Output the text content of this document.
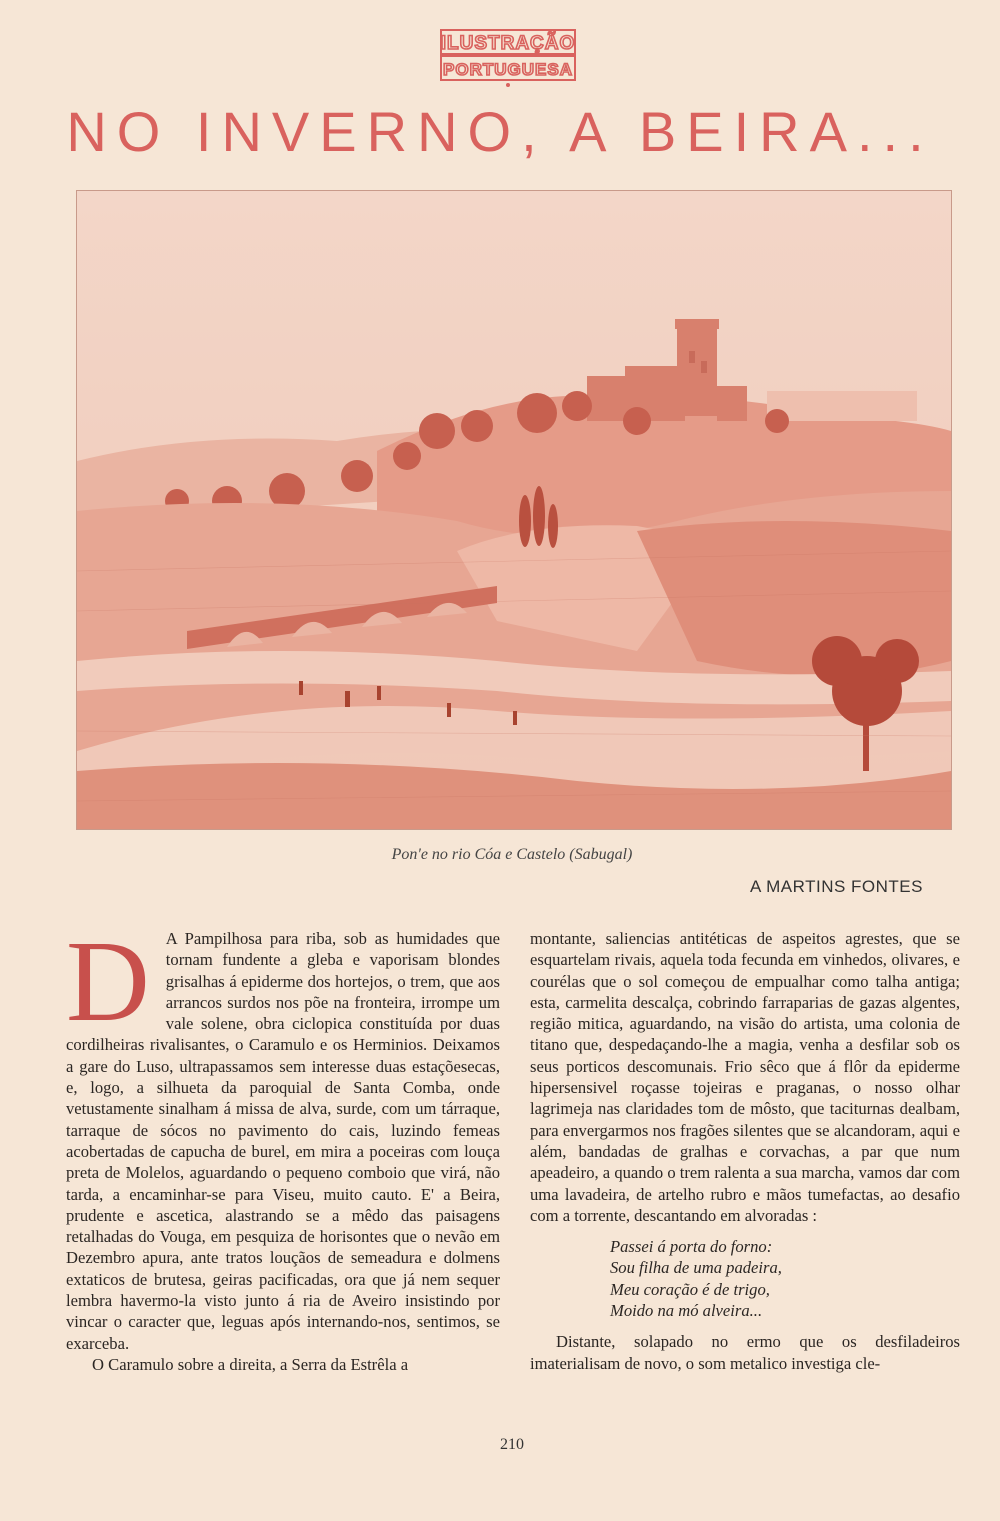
ILUSTRAÇÃO
PORTUGUESA
NO INVERNO, A BEIRA...
Pon'e no rio Cóa e Castelo (Sabugal)
A MARTINS FONTES
D A Pampilhosa para riba, sob as humidades que tornam fundente a gleba e vaporisam blondes grisalhas á epiderme dos hortejos, o trem, que aos arrancos surdos nos põe na fronteira, irrompe um vale solene, obra ciclopica constituída por duas cordilheiras rivalisantes, o Caramulo e os Herminios. Deixamos a gare do Luso, ultrapassamos sem interesse duas estaçõesecas, e, logo, a silhueta da paroquial de Santa Comba, onde vetustamente sinalham á missa de alva, surde, com um tárraque, tarraque de sócos no pavimento do cais, luzindo femeas acobertadas de capucha de burel, em mira a poceiras com louça preta de Molelos, aguardando o pequeno comboio que virá, não tarda, a encaminhar-se para Viseu, muito cauto. E' a Beira, prudente e ascetica, alastrando se a mêdo das paisagens retalhadas do Vouga, em pesquiza de horisontes que o nevão em Dezembro apura, ante tratos louçãos de semeadura e dolmens extaticos de brutesa, geiras pacificadas, ora que já nem sequer lembra havermo-la visto junto á ria de Aveiro insistindo por vincar o caracter que, leguas após internando-nos, sentimos, se exarceba.

O Caramulo sobre a direita, a Serra da Estrêla a

montante, saliencias antitéticas de aspeitos agrestes, que se esquartelam rivais, aquela toda fecunda em vinhedos, olivares, e courélas que o sol começou de empualhar como talha antiga; esta, carmelita descalça, cobrindo farraparias de gazas algentes, região mitica, aguardando, na visão do artista, uma colonia de titano que, despedaçando-lhe a magia, venha a desfilar sob os seus porticos descomunais. Frio sêco que á flôr da epiderme hipersensivel roçasse tojeiras e praganas, o nosso olhar lagrimeja nas claridades tom de môsto, que taciturnas dealbam, para envergarmos nos fragões silentes que se alcandoram, aqui e além, bandadas de gralhas e corvachas, a par que num apeadeiro, a quando o trem ralenta a sua marcha, vamos dar com uma lavadeira, de artelho rubro e mãos tumefactas, ao desafio com a torrente, descantando em alvoradas :

Passei á porta do forno:
Sou filha de uma padeira,
Meu coração é de trigo,
Moido na mó alveira...

Distante, solapado no ermo que os desfiladeiros imaterialisam de novo, o som metalico investiga cle-

210
